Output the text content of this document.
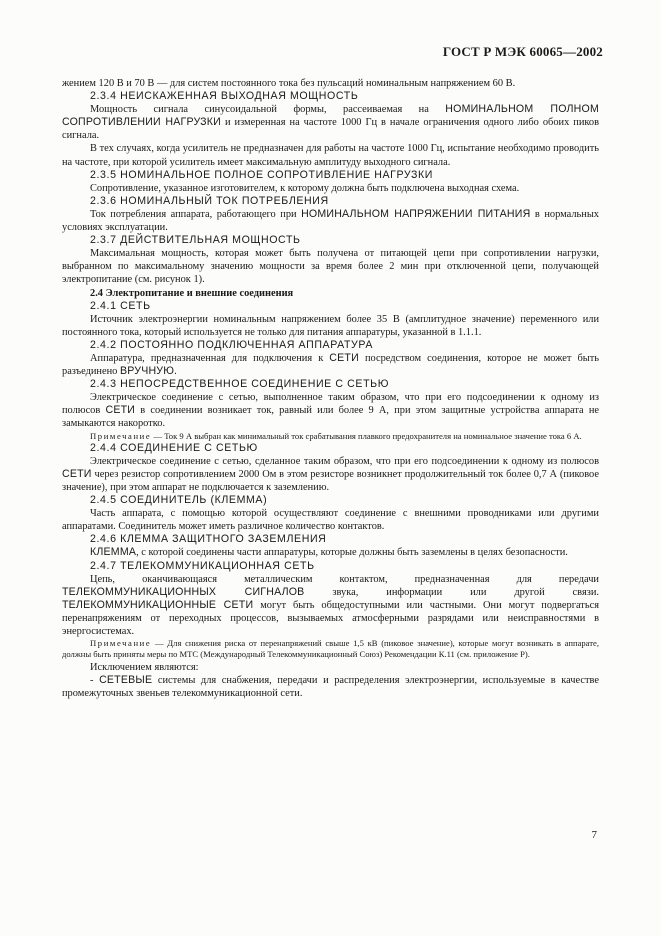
ГОСТ Р МЭК 60065—2002

жением 120 В и 70 В — для систем постоянного тока без пульсаций номинальным напряжением 60 В.

2.3.4 НЕИСКАЖЕННАЯ ВЫХОДНАЯ МОЩНОСТЬ

Мощность сигнала синусоидальной формы, рассеиваемая на НОМИНАЛЬНОМ ПОЛНОМ СОПРОТИВЛЕНИИ НАГРУЗКИ и измеренная на частоте 1000 Гц в начале ограничения одного либо обоих пиков сигнала.

В тех случаях, когда усилитель не предназначен для работы на частоте 1000 Гц, испытание необходимо проводить на частоте, при которой усилитель имеет максимальную амплитуду выходного сигнала.

2.3.5 НОМИНАЛЬНОЕ ПОЛНОЕ СОПРОТИВЛЕНИЕ НАГРУЗКИ

Сопротивление, указанное изготовителем, к которому должна быть подключена выходная схема.

2.3.6 НОМИНАЛЬНЫЙ ТОК ПОТРЕБЛЕНИЯ

Ток потребления аппарата, работающего при НОМИНАЛЬНОМ НАПРЯЖЕНИИ ПИТАНИЯ в нормальных условиях эксплуатации.

2.3.7 ДЕЙСТВИТЕЛЬНАЯ МОЩНОСТЬ

Максимальная мощность, которая может быть получена от питающей цепи при сопротивлении нагрузки, выбранном по максимальному значению мощности за время более 2 мин при отключенной цепи, получающей электропитание (см. рисунок 1).

2.4 Электропитание и внешние соединения
2.4.1 СЕТЬ

Источник электроэнергии номинальным напряжением более 35 В (амплитудное значение) переменного или постоянного тока, который используется не только для питания аппаратуры, указанной в 1.1.1.

2.4.2 ПОСТОЯННО ПОДКЛЮЧЕННАЯ АППАРАТУРА

Аппаратура, предназначенная для подключения к СЕТИ посредством соединения, которое не может быть разъединено ВРУЧНУЮ.

2.4.3 НЕПОСРЕДСТВЕННОЕ СОЕДИНЕНИЕ С СЕТЬЮ

Электрическое соединение с сетью, выполненное таким образом, что при его подсоединении к одному из полюсов СЕТИ в соединении возникает ток, равный или более 9 А, при этом защитные устройства аппарата не замыкаются накоротко.

Примечание — Ток 9 А выбран как минимальный ток срабатывания плавкого предохранителя на номинальное значение тока 6 А.

2.4.4 СОЕДИНЕНИЕ С СЕТЬЮ

Электрическое соединение с сетью, сделанное таким образом, что при его подсоединении к одному из полюсов СЕТИ через резистор сопротивлением 2000 Ом в этом резисторе возникнет продолжительный ток более 0,7 А (пиковое значение), при этом аппарат не подключается к заземлению.

2.4.5 СОЕДИНИТЕЛЬ (КЛЕММА)

Часть аппарата, с помощью которой осуществляют соединение с внешними проводниками или другими аппаратами. Соединитель может иметь различное количество контактов.

2.4.6 КЛЕММА ЗАЩИТНОГО ЗАЗЕМЛЕНИЯ

КЛЕММА, с которой соединены части аппаратуры, которые должны быть заземлены в целях безопасности.

2.4.7 ТЕЛЕКОММУНИКАЦИОННАЯ СЕТЬ

Цепь, оканчивающаяся металлическим контактом, предназначенная для передачи ТЕЛЕКОММУНИКАЦИОННЫХ СИГНАЛОВ звука, информации или другой связи. ТЕЛЕКОММУНИКАЦИОННЫЕ СЕТИ могут быть общедоступными или частными. Они могут подвергаться перенапряжениям от переходных процессов, вызываемых атмосферными разрядами или неисправностями в энергосистемах.

Примечание — Для снижения риска от перенапряжений свыше 1,5 кВ (пиковое значение), которые могут возникать в аппарате, должны быть приняты меры по МТС (Международный Телекоммуникационный Союз) Рекомендации К.11 (см. приложение Р).

Исключением являются:

- СЕТЕВЫЕ системы для снабжения, передачи и распределения электроэнергии, используемые в качестве промежуточных звеньев телекоммуникационной сети.

7
